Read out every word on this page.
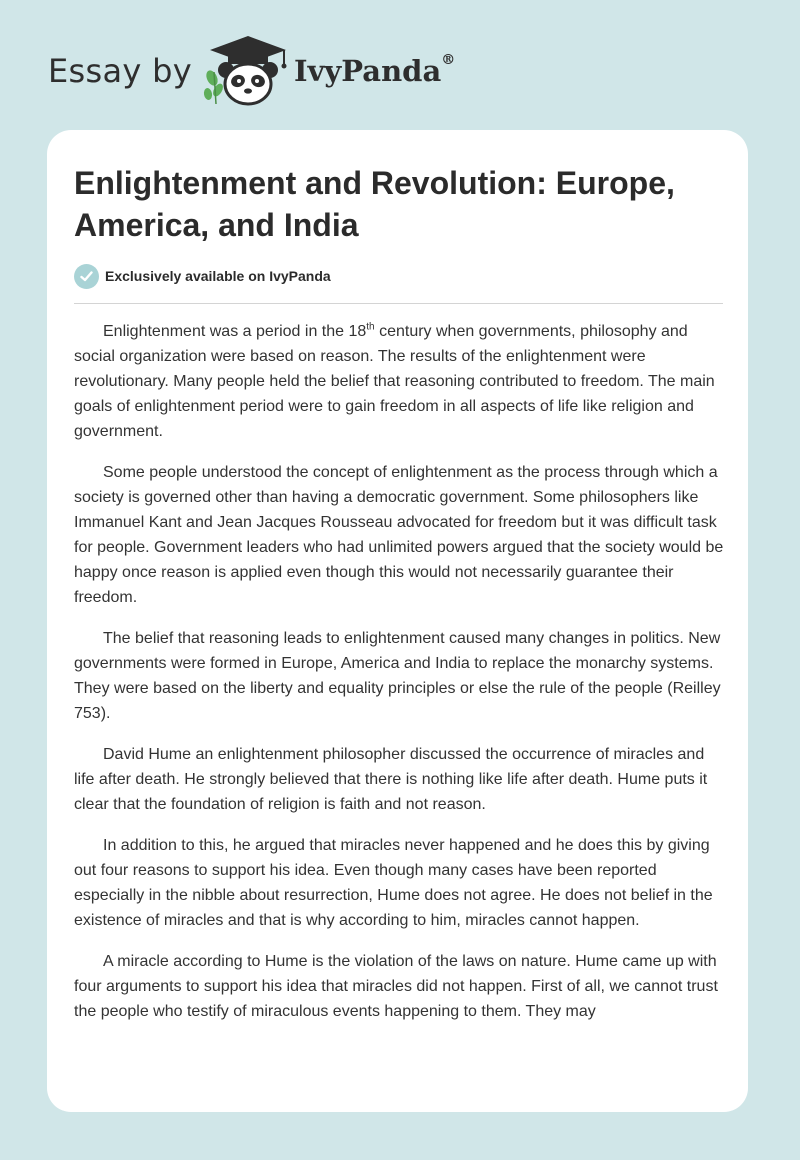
Essay by	IvyPanda®
Enlightenment and Revolution: Europe, America, and India
Exclusively available on IvyPanda

Enlightenment was a period in the 18th century when governments, philosophy and social organization were based on reason. The results of the enlightenment were revolutionary. Many people held the belief that reasoning contributed to freedom. The main goals of enlightenment period were to gain freedom in all aspects of life like religion and government.

Some people understood the concept of enlightenment as the process through which a society is governed other than having a democratic government. Some philosophers like Immanuel Kant and Jean Jacques Rousseau advocated for freedom but it was difficult task for people. Government leaders who had unlimited powers argued that the society would be happy once reason is applied even though this would not necessarily guarantee their freedom.

The belief that reasoning leads to enlightenment caused many changes in politics. New governments were formed in Europe, America and India to replace the monarchy systems. They were based on the liberty and equality principles or else the rule of the people (Reilley 753).

David Hume an enlightenment philosopher discussed the occurrence of miracles and life after death. He strongly believed that there is nothing like life after death. Hume puts it clear that the foundation of religion is faith and not reason.

In addition to this, he argued that miracles never happened and he does this by giving out four reasons to support his idea. Even though many cases have been reported especially in the nibble about resurrection, Hume does not agree. He does not belief in the existence of miracles and that is why according to him, miracles cannot happen.

A miracle according to Hume is the violation of the laws on nature. Hume came up with four arguments to support his idea that miracles did not happen. First of all, we cannot trust the people who testify of miraculous events happening to them. They may
